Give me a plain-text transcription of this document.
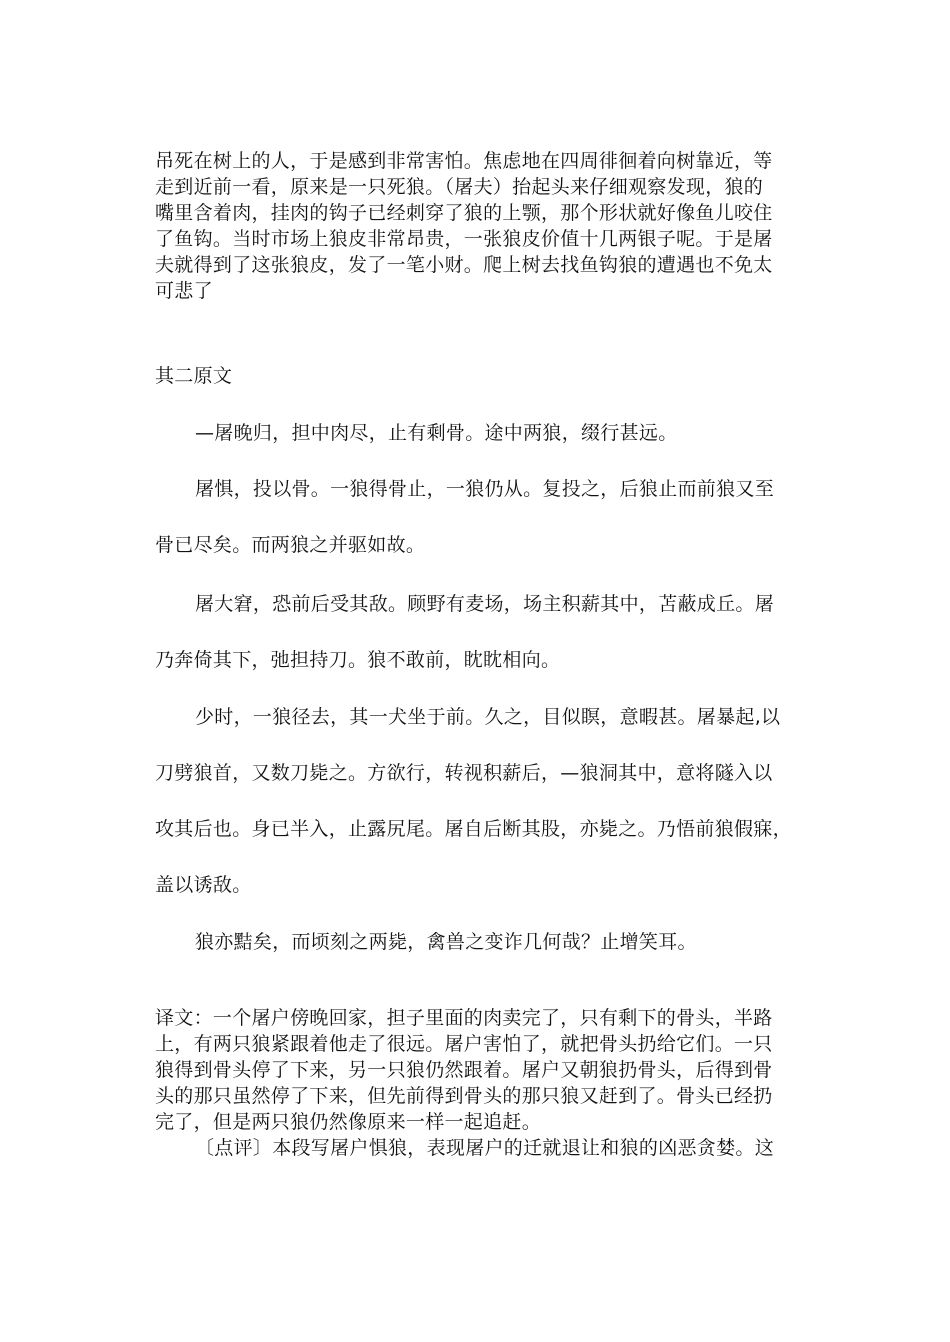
吊死在树上的人，于是感到非常害怕。焦虑地在四周徘徊着向树靠近，等
走到近前一看，原来是一只死狼。（屠夫）抬起头来仔细观察发现，狼的
嘴里含着肉，挂肉的钩子已经刺穿了狼的上颚，那个形状就好像鱼儿咬住
了鱼钩。当时市场上狼皮非常昂贵，一张狼皮价值十几两银子呢。于是屠
夫就得到了这张狼皮，发了一笔小财。爬上树去找鱼钩狼的遭遇也不免太
可悲了
其二原文
—屠晚归，担中肉尽，止有剩骨。途中两狼，缀行甚远。
屠惧，投以骨。一狼得骨止，一狼仍从。复投之，后狼止而前狼又至
骨已尽矣。而两狼之并驱如故。
屠大窘，恐前后受其敌。顾野有麦场，场主积薪其中，苫蔽成丘。屠
乃奔倚其下，弛担持刀。狼不敢前，眈眈相向。
少时，一狼径去，其一犬坐于前。久之，目似瞑，意暇甚。屠暴起,以
刀劈狼首，又数刀毙之。方欲行，转视积薪后，—狼洞其中，意将隧入以
攻其后也。身已半入，止露尻尾。屠自后断其股，亦毙之。乃悟前狼假寐，
盖以诱敌。
狼亦黠矣，而顷刻之两毙，禽兽之变诈几何哉？止增笑耳。
译文：一个屠户傍晚回家，担子里面的肉卖完了，只有剩下的骨头，半路
上，有两只狼紧跟着他走了很远。屠户害怕了，就把骨头扔给它们。一只
狼得到骨头停了下来，另一只狼仍然跟着。屠户又朝狼扔骨头，后得到骨
头的那只虽然停了下来，但先前得到骨头的那只狼又赶到了。骨头已经扔
完了，但是两只狼仍然像原来一样一起追赶。
〔点评〕本段写屠户惧狼，表现屠户的迁就退让和狼的凶恶贪婪。这
